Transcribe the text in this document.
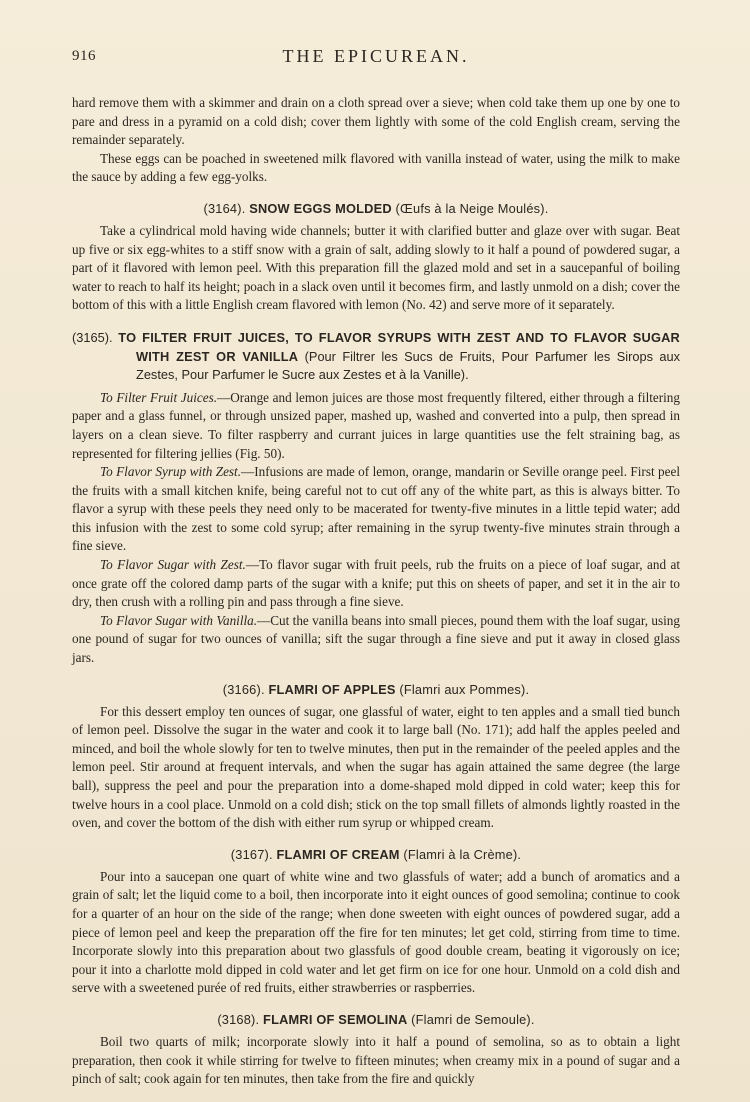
916	THE EPICUREAN.

hard remove them with a skimmer and drain on a cloth spread over a sieve; when cold take them up one by one to pare and dress in a pyramid on a cold dish; cover them lightly with some of the cold English cream, serving the remainder separately.

These eggs can be poached in sweetened milk flavored with vanilla instead of water, using the milk to make the sauce by adding a few egg-yolks.

(3164). SNOW EGGS MOLDED (Œufs à la Neige Moulés).

Take a cylindrical mold having wide channels; butter it with clarified butter and glaze over with sugar. Beat up five or six egg-whites to a stiff snow with a grain of salt, adding slowly to it half a pound of powdered sugar, a part of it flavored with lemon peel. With this preparation fill the glazed mold and set in a saucepanful of boiling water to reach to half its height; poach in a slack oven until it becomes firm, and lastly unmold on a dish; cover the bottom of this with a little English cream flavored with lemon (No. 42) and serve more of it separately.

(3165). TO FILTER FRUIT JUICES, TO FLAVOR SYRUPS WITH ZEST AND TO FLAVOR SUGAR WITH ZEST OR VANILLA (Pour Filtrer les Sucs de Fruits, Pour Parfumer les Sirops aux Zestes, Pour Parfumer le Sucre aux Zestes et à la Vanille).

To Filter Fruit Juices.—Orange and lemon juices are those most frequently filtered, either through a filtering paper and a glass funnel, or through unsized paper, mashed up, washed and converted into a pulp, then spread in layers on a clean sieve. To filter raspberry and currant juices in large quantities use the felt straining bag, as represented for filtering jellies (Fig. 50).

To Flavor Syrup with Zest.—Infusions are made of lemon, orange, mandarin or Seville orange peel. First peel the fruits with a small kitchen knife, being careful not to cut off any of the white part, as this is always bitter. To flavor a syrup with these peels they need only to be macerated for twenty-five minutes in a little tepid water; add this infusion with the zest to some cold syrup; after remaining in the syrup twenty-five minutes strain through a fine sieve.

To Flavor Sugar with Zest.—To flavor sugar with fruit peels, rub the fruits on a piece of loaf sugar, and at once grate off the colored damp parts of the sugar with a knife; put this on sheets of paper, and set it in the air to dry, then crush with a rolling pin and pass through a fine sieve.

To Flavor Sugar with Vanilla.—Cut the vanilla beans into small pieces, pound them with the loaf sugar, using one pound of sugar for two ounces of vanilla; sift the sugar through a fine sieve and put it away in closed glass jars.

(3166). FLAMRI OF APPLES (Flamri aux Pommes).

For this dessert employ ten ounces of sugar, one glassful of water, eight to ten apples and a small tied bunch of lemon peel. Dissolve the sugar in the water and cook it to large ball (No. 171); add half the apples peeled and minced, and boil the whole slowly for ten to twelve minutes, then put in the remainder of the peeled apples and the lemon peel. Stir around at frequent intervals, and when the sugar has again attained the same degree (the large ball), suppress the peel and pour the preparation into a dome-shaped mold dipped in cold water; keep this for twelve hours in a cool place. Unmold on a cold dish; stick on the top small fillets of almonds lightly roasted in the oven, and cover the bottom of the dish with either rum syrup or whipped cream.

(3167). FLAMRI OF CREAM (Flamri à la Crème).

Pour into a saucepan one quart of white wine and two glassfuls of water; add a bunch of aromatics and a grain of salt; let the liquid come to a boil, then incorporate into it eight ounces of good semolina; continue to cook for a quarter of an hour on the side of the range; when done sweeten with eight ounces of powdered sugar, add a piece of lemon peel and keep the preparation off the fire for ten minutes; let get cold, stirring from time to time. Incorporate slowly into this preparation about two glassfuls of good double cream, beating it vigorously on ice; pour it into a charlotte mold dipped in cold water and let get firm on ice for one hour. Unmold on a cold dish and serve with a sweetened purée of red fruits, either strawberries or raspberries.

(3168). FLAMRI OF SEMOLINA (Flamri de Semoule).

Boil two quarts of milk; incorporate slowly into it half a pound of semolina, so as to obtain a light preparation, then cook it while stirring for twelve to fifteen minutes; when creamy mix in a pound of sugar and a pinch of salt; cook again for ten minutes, then take from the fire and quickly
